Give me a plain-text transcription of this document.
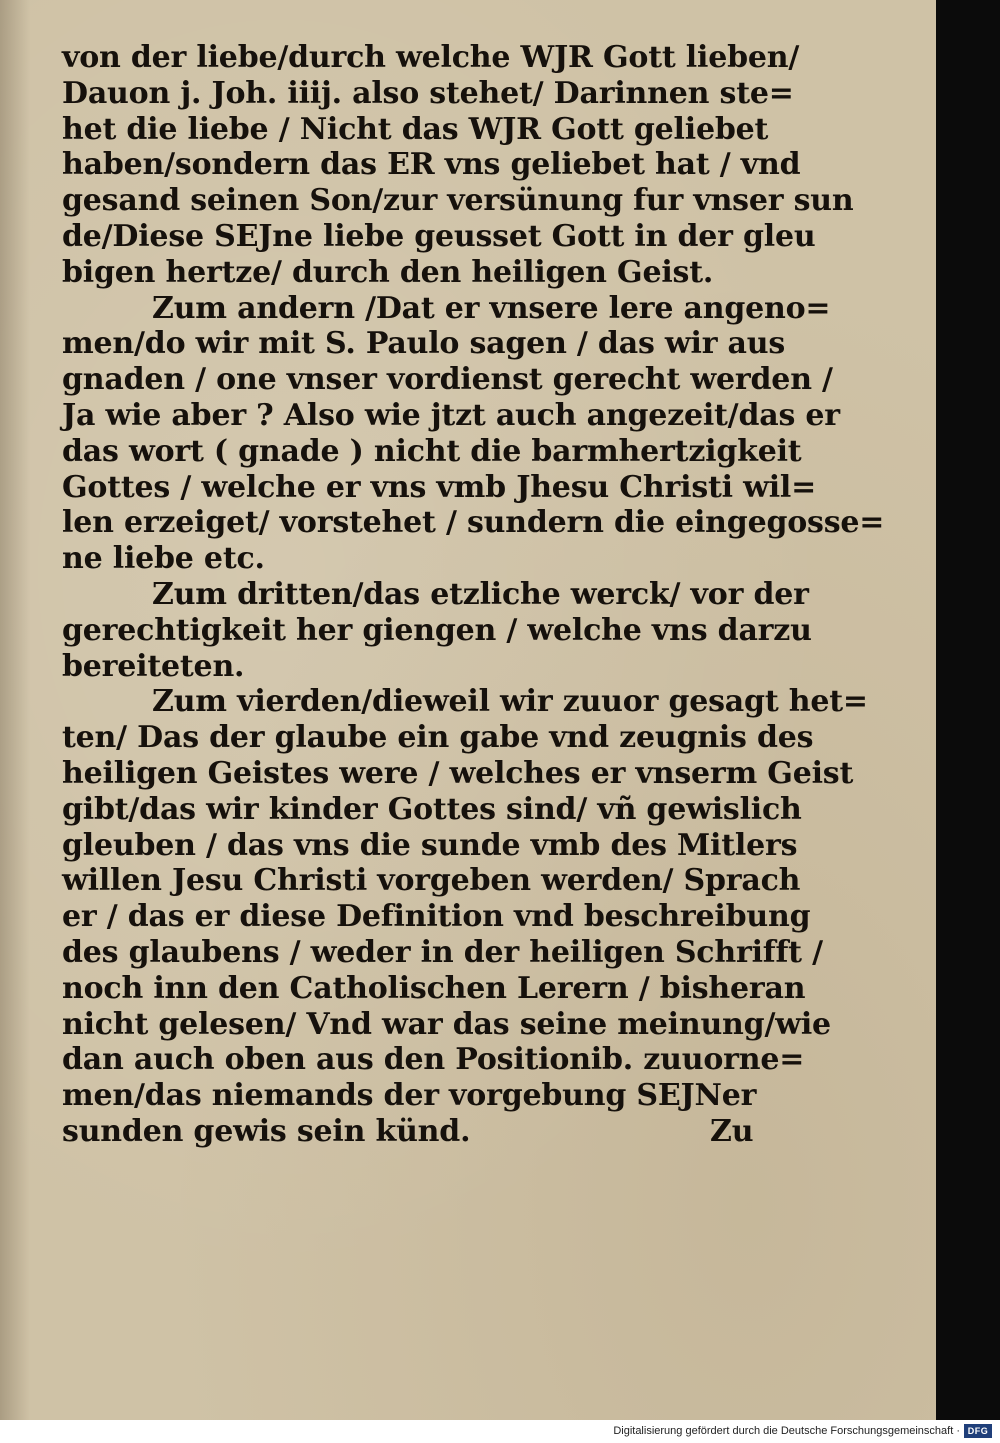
von der liebe/durch welche WJR Gott lieben/
Dauon j. Joh. iiij. also stehet/ Darinnen ste=
het die liebe / Nicht das WJR Gott geliebet
haben/sondern das ER vns geliebet hat / vnd
gesand seinen Son/zur versünung fur vnser sun
de/Diese SEJne liebe geusset Gott in der gleu
bigen hertze/ durch den heiligen Geist.
Zum andern /Dat er vnsere lere angeno=
men/do wir mit S. Paulo sagen / das wir aus
gnaden / one vnser vordienst gerecht werden /
Ja wie aber ? Also wie jtzt auch angezeit/das er
das wort ( gnade ) nicht die barmhertzigkeit
Gottes / welche er vns vmb Jhesu Christi wil=
len erzeiget/ vorstehet / sundern die eingegosse=
ne liebe etc.
Zum dritten/das etzliche werck/ vor der
gerechtigkeit her giengen / welche vns darzu
bereiteten.
Zum vierden/dieweil wir zuuor gesagt het=
ten/ Das der glaube ein gabe vnd zeugnis des
heiligen Geistes were / welches er vnserm Geist
gibt/das wir kinder Gottes sind/ vñ gewislich
gleuben / das vns die sunde vmb des Mitlers
willen Jesu Christi vorgeben werden/ Sprach
er / das er diese Definition vnd beschreibung
des glaubens / weder in der heiligen Schrifft /
noch inn den Catholischen Lerern / bisheran
nicht gelesen/ Vnd war das seine meinung/wie
dan auch oben aus den Positionib. zuuorne=
men/das niemands der vorgebung SEJNer
sunden gewis sein künd.	Zu
Digitalisierung gefördert durch die Deutsche Forschungsgemeinschaft · DFG
